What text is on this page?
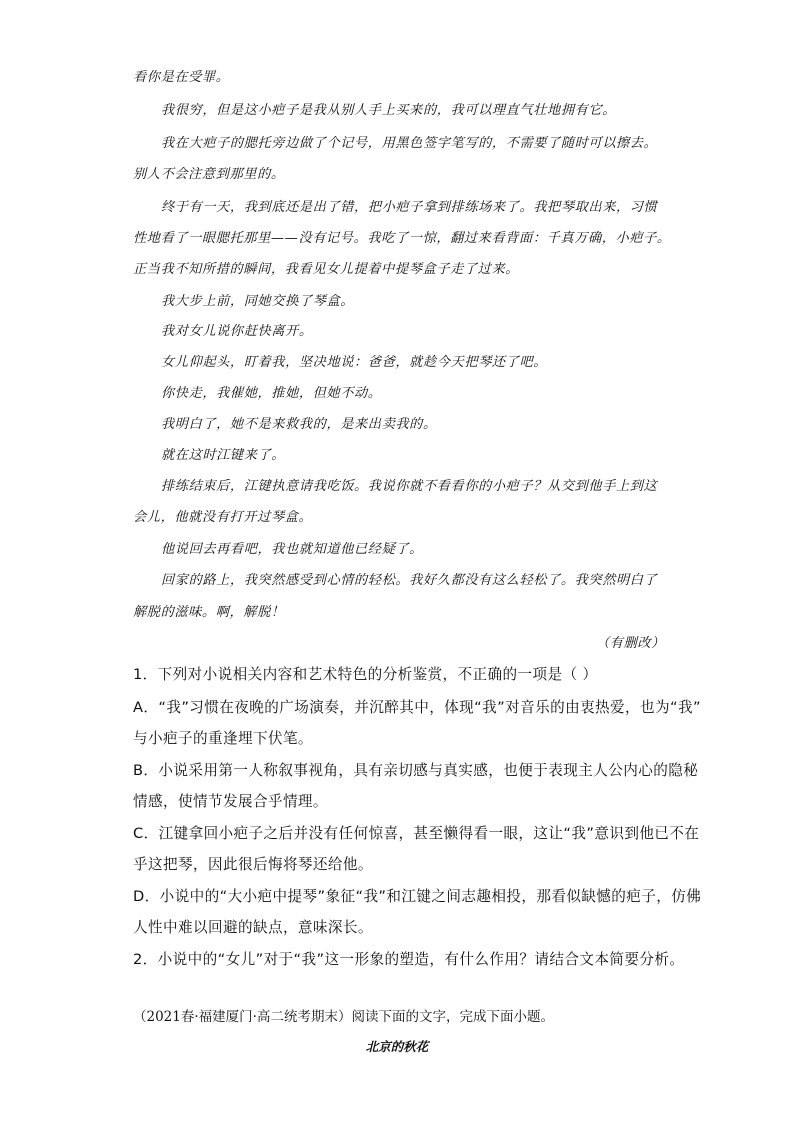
看你是在受罪。

我很穷，但是这小疤子是我从别人手上买来的，我可以理直气壮地拥有它。

我在大疤子的腮托旁边做了个记号，用黑色签字笔写的，不需要了随时可以擦去。

别人不会注意到那里的。

终于有一天，我到底还是出了错，把小疤子拿到排练场来了。我把琴取出来，习惯

性地看了一眼腮托那里——没有记号。我吃了一惊，翻过来看背面：千真万确，小疤子。

正当我不知所措的瞬间，我看见女儿提着中提琴盒子走了过来。

我大步上前，同她交换了琴盒。

我对女儿说你赶快离开。

女儿仰起头，盯着我，坚决地说：爸爸，就趁今天把琴还了吧。

你快走，我催她，推她，但她不动。

我明白了，她不是来救我的，是来出卖我的。

就在这时江键来了。

排练结束后，江键执意请我吃饭。我说你就不看看你的小疤子？从交到他手上到这

会儿，他就没有打开过琴盒。

他说回去再看吧，我也就知道他已经疑了。

回家的路上，我突然感受到心情的轻松。我好久都没有这么轻松了。我突然明白了

解脱的滋味。啊，解脱！

（有删改）

1．下列对小说相关内容和艺术特色的分析鉴赏，不正确的一项是（ ）

A．“我”习惯在夜晚的广场演奏，并沉醉其中，体现“我”对音乐的由衷热爱，也为“我”

与小疤子的重逢埋下伏笔。

B．小说采用第一人称叙事视角，具有亲切感与真实感，也便于表现主人公内心的隐秘

情感，使情节发展合乎情理。

C．江键拿回小疤子之后并没有任何惊喜，甚至懒得看一眼，这让“我”意识到他已不在

乎这把琴，因此很后悔将琴还给他。

D．小说中的“大小疤中提琴”象征“我”和江键之间志趣相投，那看似缺憾的疤子，仿佛

人性中难以回避的缺点，意味深长。

2．小说中的“女儿”对于“我”这一形象的塑造，有什么作用？请结合文本简要分析。

（2021春·福建厦门·高二统考期末）阅读下面的文字，完成下面小题。

北京的秋花
